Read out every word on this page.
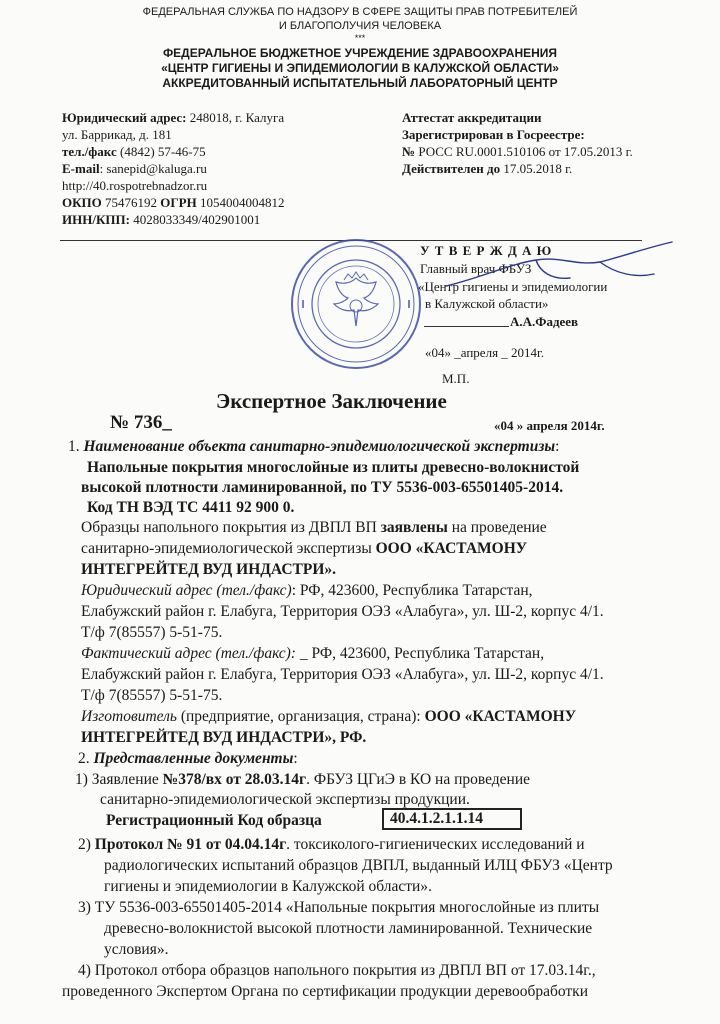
ФЕДЕРАЛЬНАЯ СЛУЖБА ПО НАДЗОРУ В СФЕРЕ ЗАЩИТЫ ПРАВ ПОТРЕБИТЕЛЕЙ
И БЛАГОПОЛУЧИЯ ЧЕЛОВЕКА
***
ФЕДЕРАЛЬНОЕ БЮДЖЕТНОЕ УЧРЕЖДЕНИЕ ЗДРАВООХРАНЕНИЯ
«ЦЕНТР ГИГИЕНЫ И ЭПИДЕМИОЛОГИИ В КАЛУЖСКОЙ ОБЛАСТИ»
АККРЕДИТОВАННЫЙ ИСПЫТАТЕЛЬНЫЙ ЛАБОРАТОРНЫЙ ЦЕНТР
Юридический адрес: 248018, г. Калуга
ул. Баррикад, д. 181
тел./факс (4842) 57-46-75
E-mail: sanepid@kaluga.ru
http://40.rospotrebnadzor.ru
ОКПО 75476192 ОГРН 1054004004812
ИНН/КПП: 4028033349/402901001
Аттестат аккредитации
Зарегистрирован в Госреестре:
№ РОСС RU.0001.510106 от 17.05.2013 г.
Действителен до 17.05.2018 г.
У Т В Е Р Ж Д А Ю
Главный врач ФБУЗ
«Центр гигиены и эпидемиологии
в Калужской области»
А.А.Фадеев
«04» _апреля _ 2014г.
М.П.
Экспертное Заключение
№ 736_	«04 » апреля 2014г.
1. Наименование объекта санитарно-эпидемиологической экспертизы:
Напольные покрытия многослойные из плиты древесно-волокнистой
высокой плотности ламинированной, по ТУ 5536-003-65501405-2014.
Код ТН ВЭД ТС 4411 92 900 0.
Образцы напольного покрытия из ДВПЛ ВП заявлены на проведение
санитарно-эпидемиологической экспертизы ООО «КАСТАМОНУ
ИНТЕГРЕЙТЕД ВУД ИНДАСТРИ».
Юридический адрес (тел./факс): РФ, 423600, Республика Татарстан,
Елабужский район г. Елабуга, Территория ОЭЗ «Алабуга», ул. Ш-2, корпус 4/1.
Т/ф 7(85557) 5-51-75.
Фактический адрес (тел./факс): _ РФ, 423600, Республика Татарстан,
Елабужский район г. Елабуга, Территория ОЭЗ «Алабуга», ул. Ш-2, корпус 4/1.
Т/ф 7(85557) 5-51-75.
Изготовитель (предприятие, организация, страна): ООО «КАСТАМОНУ
ИНТЕГРЕЙТЕД ВУД ИНДАСТРИ», РФ.
2. Представленные документы:
1) Заявление №378/вх от 28.03.14г. ФБУЗ ЦГиЭ в КО на проведение
санитарно-эпидемиологической экспертизы продукции.
Регистрационный Код образца	40.4.1.2.1.1.14
2) Протокол № 91 от 04.04.14г. токсиколого-гигиенических исследований и
радиологических испытаний образцов ДВПЛ, выданный ИЛЦ ФБУЗ «Центр
гигиены и эпидемиологии в Калужской области».
3) ТУ 5536-003-65501405-2014 «Напольные покрытия многослойные из плиты
древесно-волокнистой высокой плотности ламинированной. Технические
условия».
4) Протокол отбора образцов напольного покрытия из ДВПЛ ВП от 17.03.14г.,
проведенного Экспертом Органа по сертификации продукции деревообработки
